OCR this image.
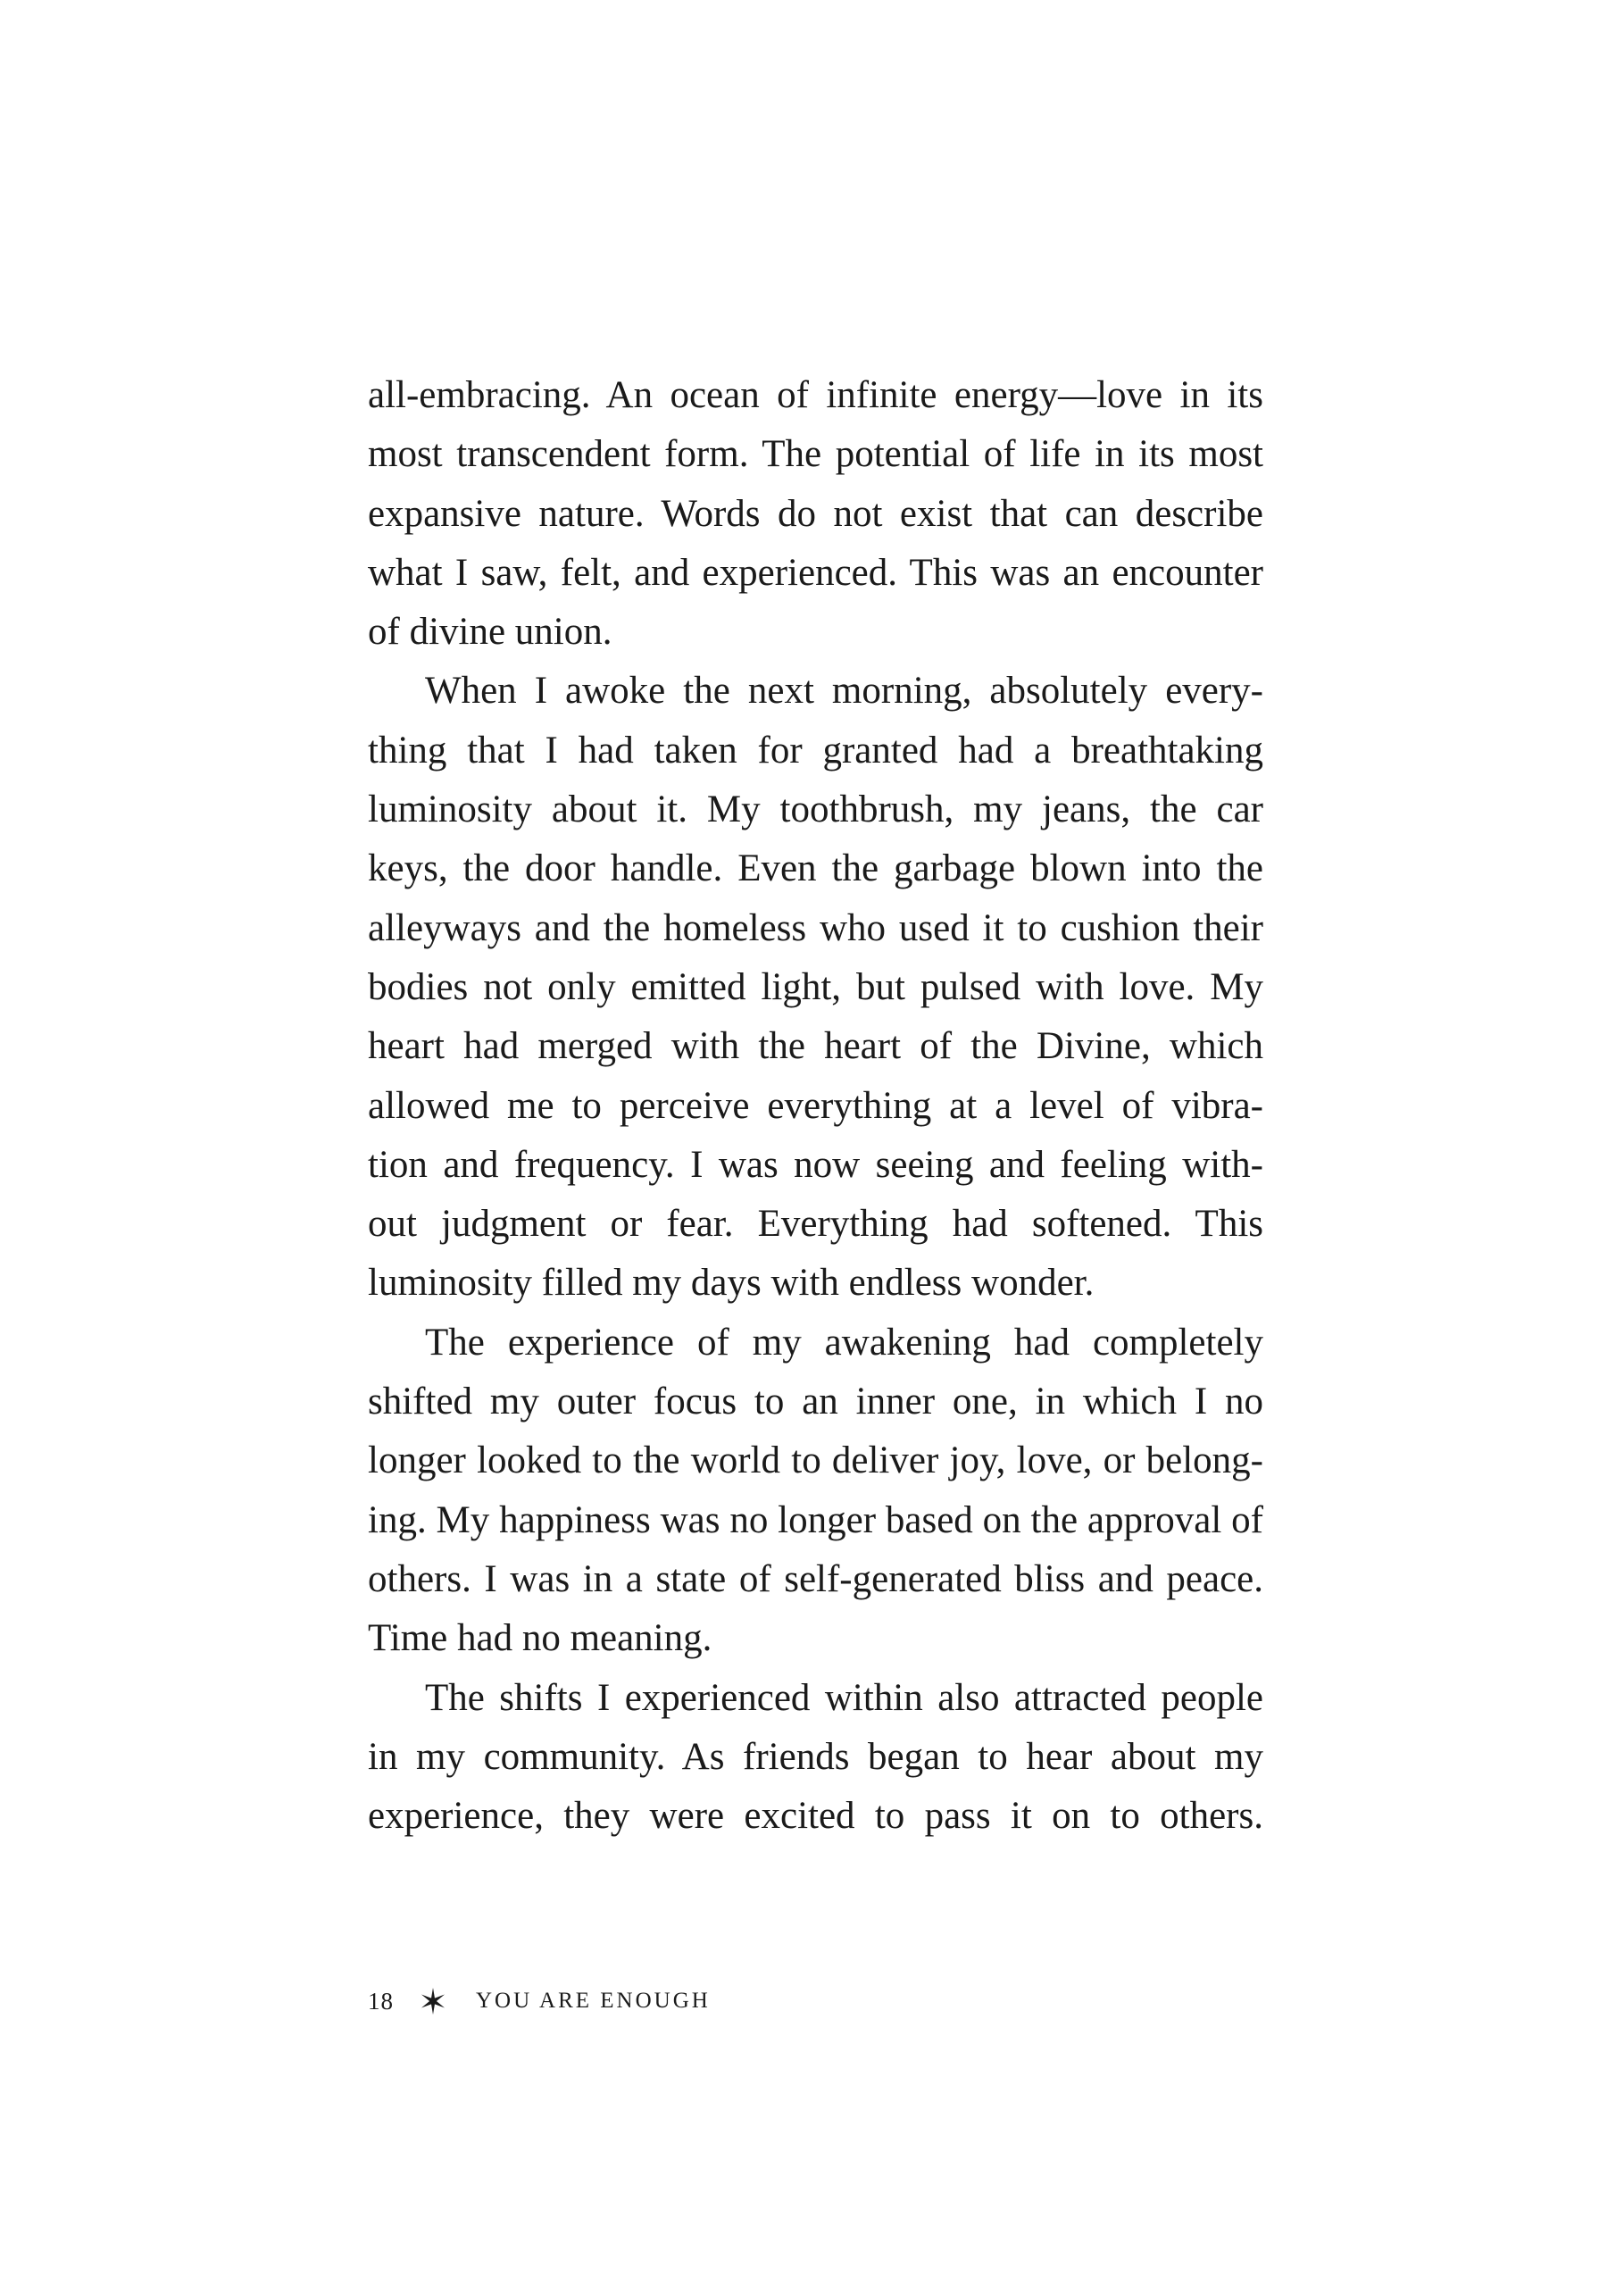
all-embracing. An ocean of infinite energy—love in its
most transcendent form. The potential of life in its most
expansive nature. Words do not exist that can describe
what I saw, felt, and experienced. This was an encounter
of divine union.
When I awoke the next morning, absolutely every-
thing that I had taken for granted had a breathtaking
luminosity about it. My toothbrush, my jeans, the car
keys, the door handle. Even the garbage blown into the
alleyways and the homeless who used it to cushion their
bodies not only emitted light, but pulsed with love. My
heart had merged with the heart of the Divine, which
allowed me to perceive everything at a level of vibra-
tion and frequency. I was now seeing and feeling with-
out judgment or fear. Everything had softened. This
luminosity filled my days with endless wonder.
The experience of my awakening had completely
shifted my outer focus to an inner one, in which I no
longer looked to the world to deliver joy, love, or belong-
ing. My happiness was no longer based on the approval of
others. I was in a state of self-generated bliss and peace.
Time had no meaning.
The shifts I experienced within also attracted people
in my community. As friends began to hear about my
experience, they were excited to pass it on to others.
18	YOU ARE ENOUGH
